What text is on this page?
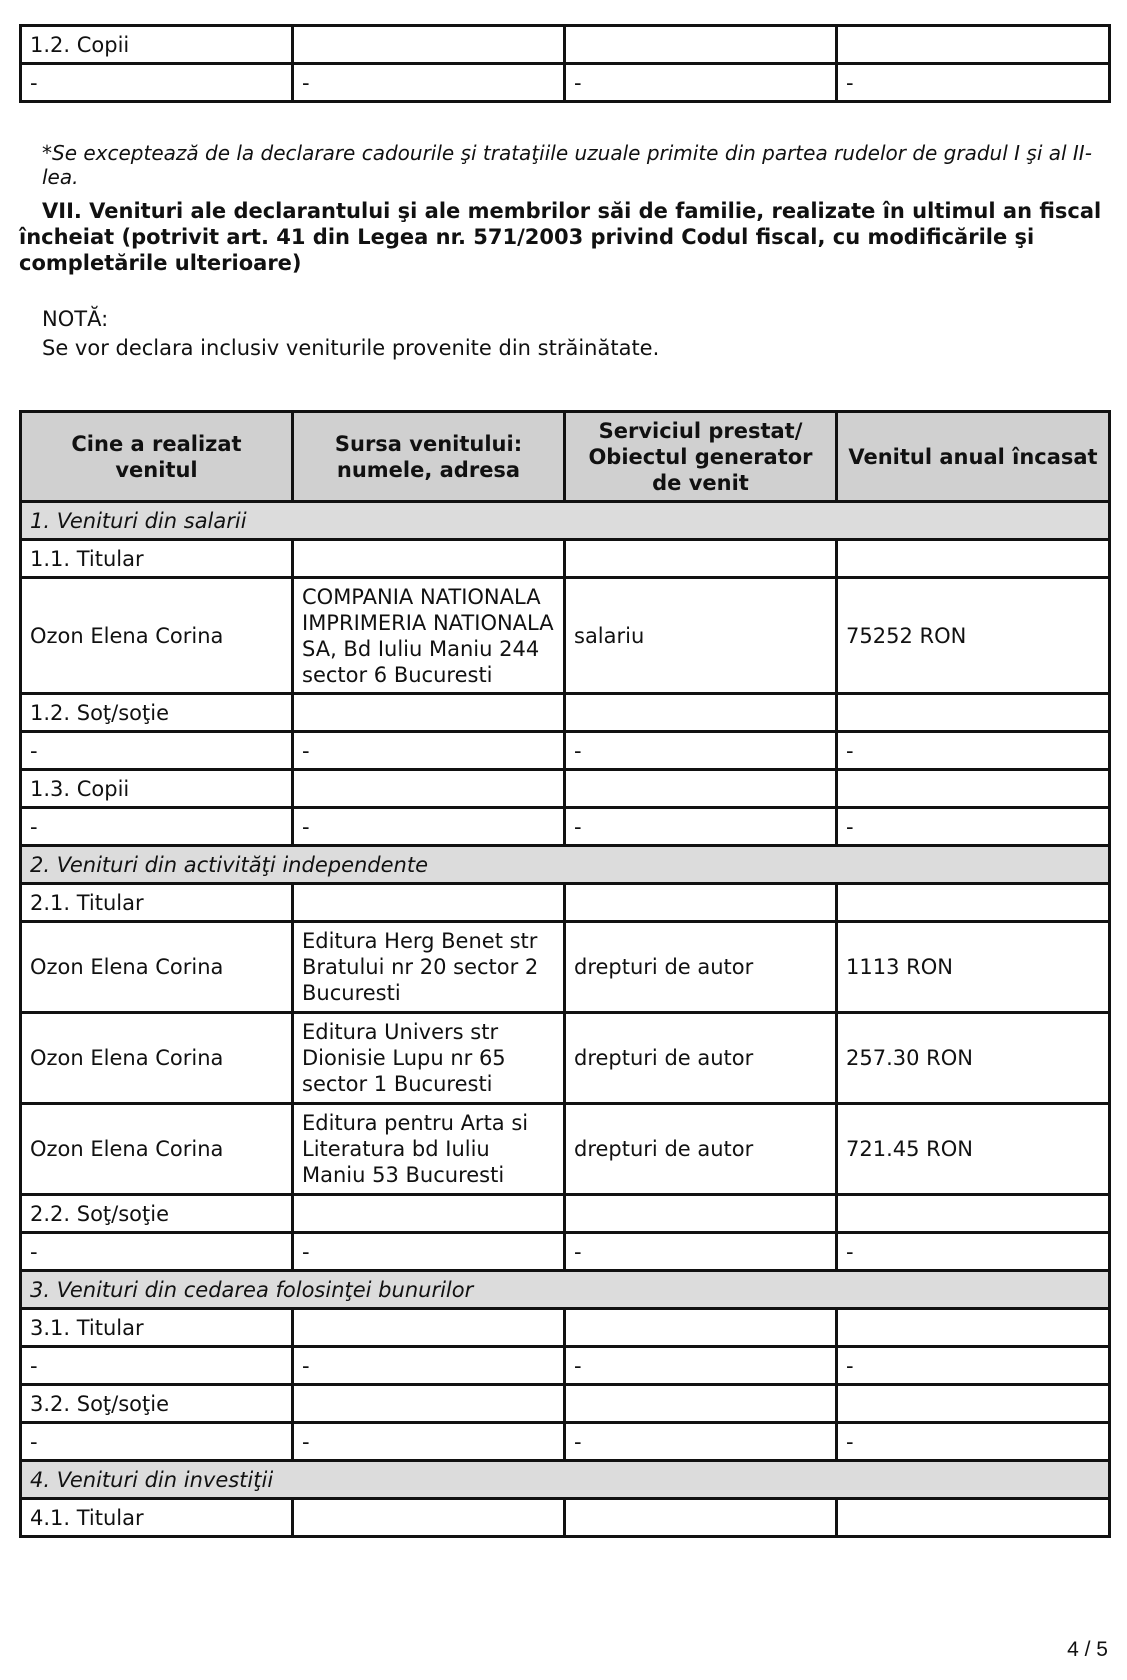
1.2. Copii			
-	-	-	-
*Se exceptează de la declarare cadourile şi trataţiile uzuale primite din partea rudelor de gradul I şi al II-lea.
VII. Venituri ale declarantului şi ale membrilor săi de familie, realizate în ultimul an fiscal încheiat (potrivit art. 41 din Legea nr. 571/2003 privind Codul fiscal, cu modificările şi completările ulterioare)
NOTĂ:
Se vor declara inclusiv veniturile provenite din străinătate.
Cine a realizat venitul	Sursa venitului: numele, adresa	Serviciul prestat/ Obiectul generator de venit	Venitul anual încasat
1. Venituri din salarii			
1.1. Titular			
Ozon Elena Corina	COMPANIA NATIONALA IMPRIMERIA NATIONALA SA, Bd Iuliu Maniu 244 sector 6 Bucuresti	salariu	75252 RON
1.2. Soţ/soţie			
-	-	-	-
1.3. Copii			
-	-	-	-
2. Venituri din activităţi independente			
2.1. Titular			
Ozon Elena Corina	Editura Herg Benet str Bratului nr 20 sector 2 Bucuresti	drepturi de autor	1113 RON
Ozon Elena Corina	Editura Univers str Dionisie Lupu nr 65 sector 1 Bucuresti	drepturi de autor	257.30 RON
Ozon Elena Corina	Editura pentru Arta si Literatura bd Iuliu Maniu 53 Bucuresti	drepturi de autor	721.45 RON
2.2. Soţ/soţie			
-	-	-	-
3. Venituri din cedarea folosinţei bunurilor			
3.1. Titular			
-	-	-	-
3.2. Soţ/soţie			
-	-	-	-
4. Venituri din investiţii			
4.1. Titular			
4 / 5
